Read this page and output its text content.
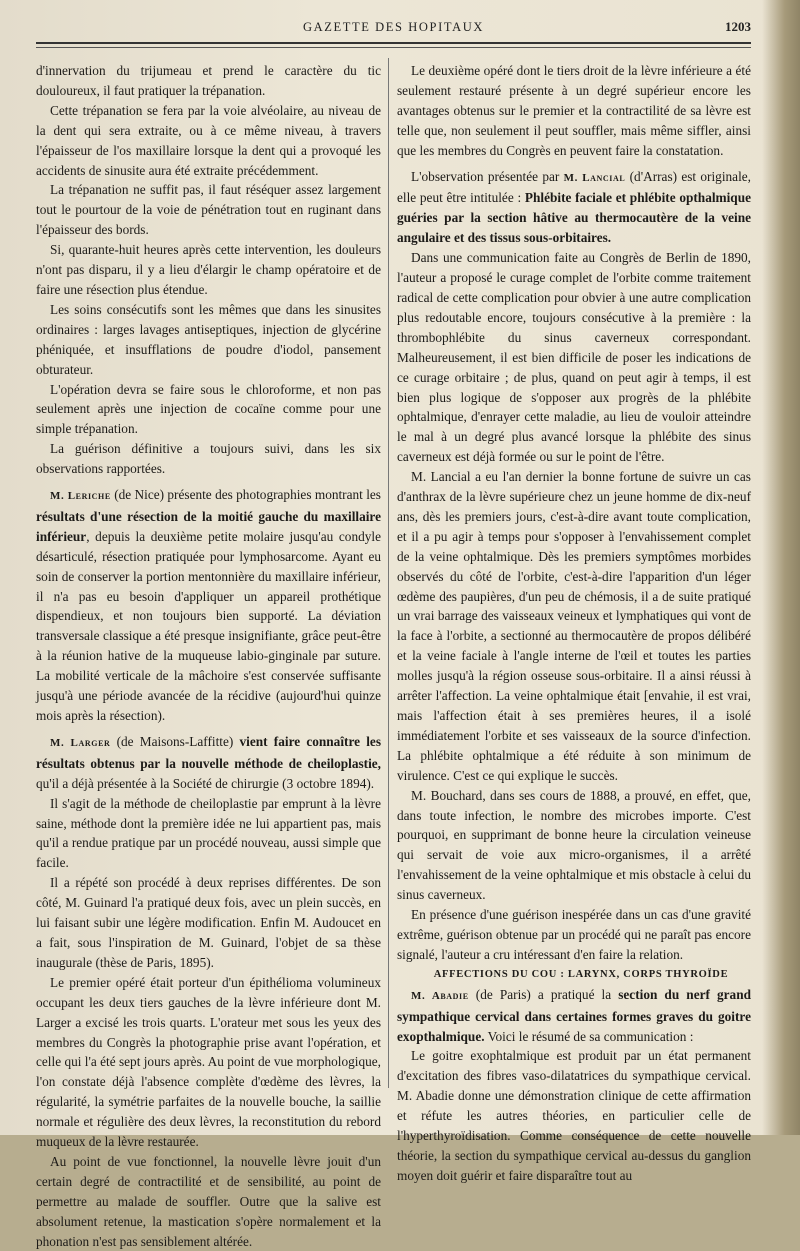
GAZETTE DES HOPITAUX	1203

d'innervation du trijumeau et prend le caractère du tic douloureux, il faut pratiquer la trépanation.

Cette trépanation se fera par la voie alvéolaire, au niveau de la dent qui sera extraite, ou à ce même niveau, à travers l'épaisseur de l'os maxillaire lorsque la dent qui a provoqué les accidents de sinusite aura été extraite précédemment.

La trépanation ne suffit pas, il faut réséquer assez largement tout le pourtour de la voie de pénétration tout en ruginant dans l'épaisseur des bords.

Si, quarante-huit heures après cette intervention, les douleurs n'ont pas disparu, il y a lieu d'élargir le champ opératoire et de faire une résection plus étendue.

Les soins consécutifs sont les mêmes que dans les sinusites ordinaires : larges lavages antiseptiques, injection de glycérine phéniquée, et insufflations de poudre d'iodol, pansement obturateur.

L'opération devra se faire sous le chloroforme, et non pas seulement après une injection de cocaïne comme pour une simple trépanation.

La guérison définitive a toujours suivi, dans les six observations rapportées.

M. Leriche (de Nice) présente des photographies montrant les résultats d'une résection de la moitié gauche du maxillaire inférieur, depuis la deuxième petite molaire jusqu'au condyle désarticulé, résection pratiquée pour lymphosarcome. Ayant eu soin de conserver la portion mentonnière du maxillaire inférieur, il n'a pas eu besoin d'appliquer un appareil prothétique dispendieux, et non toujours bien supporté. La déviation transversale classique a été presque insignifiante, grâce peut-être à la réunion hative de la muqueuse labio-ginginale par suture. La mobilité verticale de la mâchoire s'est conservée suffisante jusqu'à une période avancée de la récidive (aujourd'hui quinze mois après la résection).

M. Larger (de Maisons-Laffitte) vient faire connaître les résultats obtenus par la nouvelle méthode de cheiloplastie, qu'il a déjà présentée à la Société de chirurgie (3 octobre 1894).

Il s'agit de la méthode de cheiloplastie par emprunt à la lèvre saine, méthode dont la première idée ne lui appartient pas, mais qu'il a rendue pratique par un procédé nouveau, aussi simple que facile.

Il a répété son procédé à deux reprises différentes. De son côté, M. Guinard l'a pratiqué deux fois, avec un plein succès, en lui faisant subir une légère modification. Enfin M. Audoucet en a fait, sous l'inspiration de M. Guinard, l'objet de sa thèse inaugurale (thèse de Paris, 1895).

Le premier opéré était porteur d'un épithélioma volumineux occupant les deux tiers gauches de la lèvre inférieure dont M. Larger a excisé les trois quarts. L'orateur met sous les yeux des membres du Congrès la photographie prise avant l'opération, et celle qui l'a été sept jours après. Au point de vue morphologique, l'on constate déjà l'absence complète d'œdème des lèvres, la régularité, la symétrie parfaites de la nouvelle bouche, la saillie normale et régulière des deux lèvres, la reconstitution du rebord muqueux de la lèvre restaurée.

Au point de vue fonctionnel, la nouvelle lèvre jouit d'un certain degré de contractilité et de sensibilité, au point de permettre au malade de souffler. Outre que la salive est absolument retenue, la mastication s'opère normalement et la phonation n'est pas sensiblement altérée.

Le deuxième opéré dont le tiers droit de la lèvre inférieure a été seulement restauré présente à un degré supérieur encore les avantages obtenus sur le premier et la contractilité de sa lèvre est telle que, non seulement il peut souffler, mais même siffler, ainsi que les membres du Congrès en peuvent faire la constatation.

L'observation présentée par M. Lancial (d'Arras) est originale, elle peut être intitulée : Phlébite faciale et phlébite opthalmique guéries par la section hâtive au thermocautère de la veine angulaire et des tissus sous-orbitaires.

Dans une communication faite au Congrès de Berlin de 1890, l'auteur a proposé le curage complet de l'orbite comme traitement radical de cette complication pour obvier à une autre complication plus redoutable encore, toujours consécutive à la première : la thrombophlébite du sinus caverneux correspondant. Malheureusement, il est bien difficile de poser les indications de ce curage orbitaire ; de plus, quand on peut agir à temps, il est bien plus logique de s'opposer aux progrès de la phlébite ophtalmique, d'enrayer cette maladie, au lieu de vouloir atteindre le mal à un degré plus avancé lorsque la phlébite des sinus caverneux est déjà formée ou sur le point de l'être.

M. Lancial a eu l'an dernier la bonne fortune de suivre un cas d'anthrax de la lèvre supérieure chez un jeune homme de dix-neuf ans, dès les premiers jours, c'est-à-dire avant toute complication, et il a pu agir à temps pour s'opposer à l'envahissement complet de la veine ophtalmique. Dès les premiers symptômes morbides observés du côté de l'orbite, c'est-à-dire l'apparition d'un léger œdème des paupières, d'un peu de chémosis, il a de suite pratiqué un vrai barrage des vaisseaux veineux et lymphatiques qui vont de la face à l'orbite, a sectionné au thermocautère de propos délibéré et la veine faciale à l'angle interne de l'œil et toutes les parties molles jusqu'à la région osseuse sous-orbitaire. Il a ainsi réussi à arrêter l'affection. La veine ophtalmique était [envahie, il est vrai, mais l'affection était à ses premières heures, il a isolé immédiatement l'orbite et ses vaisseaux de la source d'infection. La phlébite ophtalmique a été réduite à son minimum de virulence. C'est ce qui explique le succès.

M. Bouchard, dans ses cours de 1888, a prouvé, en effet, que, dans toute infection, le nombre des microbes importe. C'est pourquoi, en supprimant de bonne heure la circulation veineuse qui servait de voie aux micro-organismes, il a arrêté l'envahissement de la veine ophtalmique et mis obstacle à celui du sinus caverneux.

En présence d'une guérison inespérée dans un cas d'une gravité extrême, guérison obtenue par un procédé qui ne paraît pas encore signalé, l'auteur a cru intéressant d'en faire la relation.

AFFECTIONS DU COU : LARYNX, CORPS THYROÏDE

M. Abadie (de Paris) a pratiqué la section du nerf grand sympathique cervical dans certaines formes graves du goitre exopthalmique. Voici le résumé de sa communication :

Le goitre exophtalmique est produit par un état permanent d'excitation des fibres vaso-dilatatrices du sympathique cervical. M. Abadie donne une démonstration clinique de cette affirmation et réfute les autres théories, en particulier celle de l'hyperthyroïdisation. Comme conséquence de cette nouvelle théorie, la section du sympathique cervical au-dessus du ganglion moyen doit guérir et faire disparaître tout au
